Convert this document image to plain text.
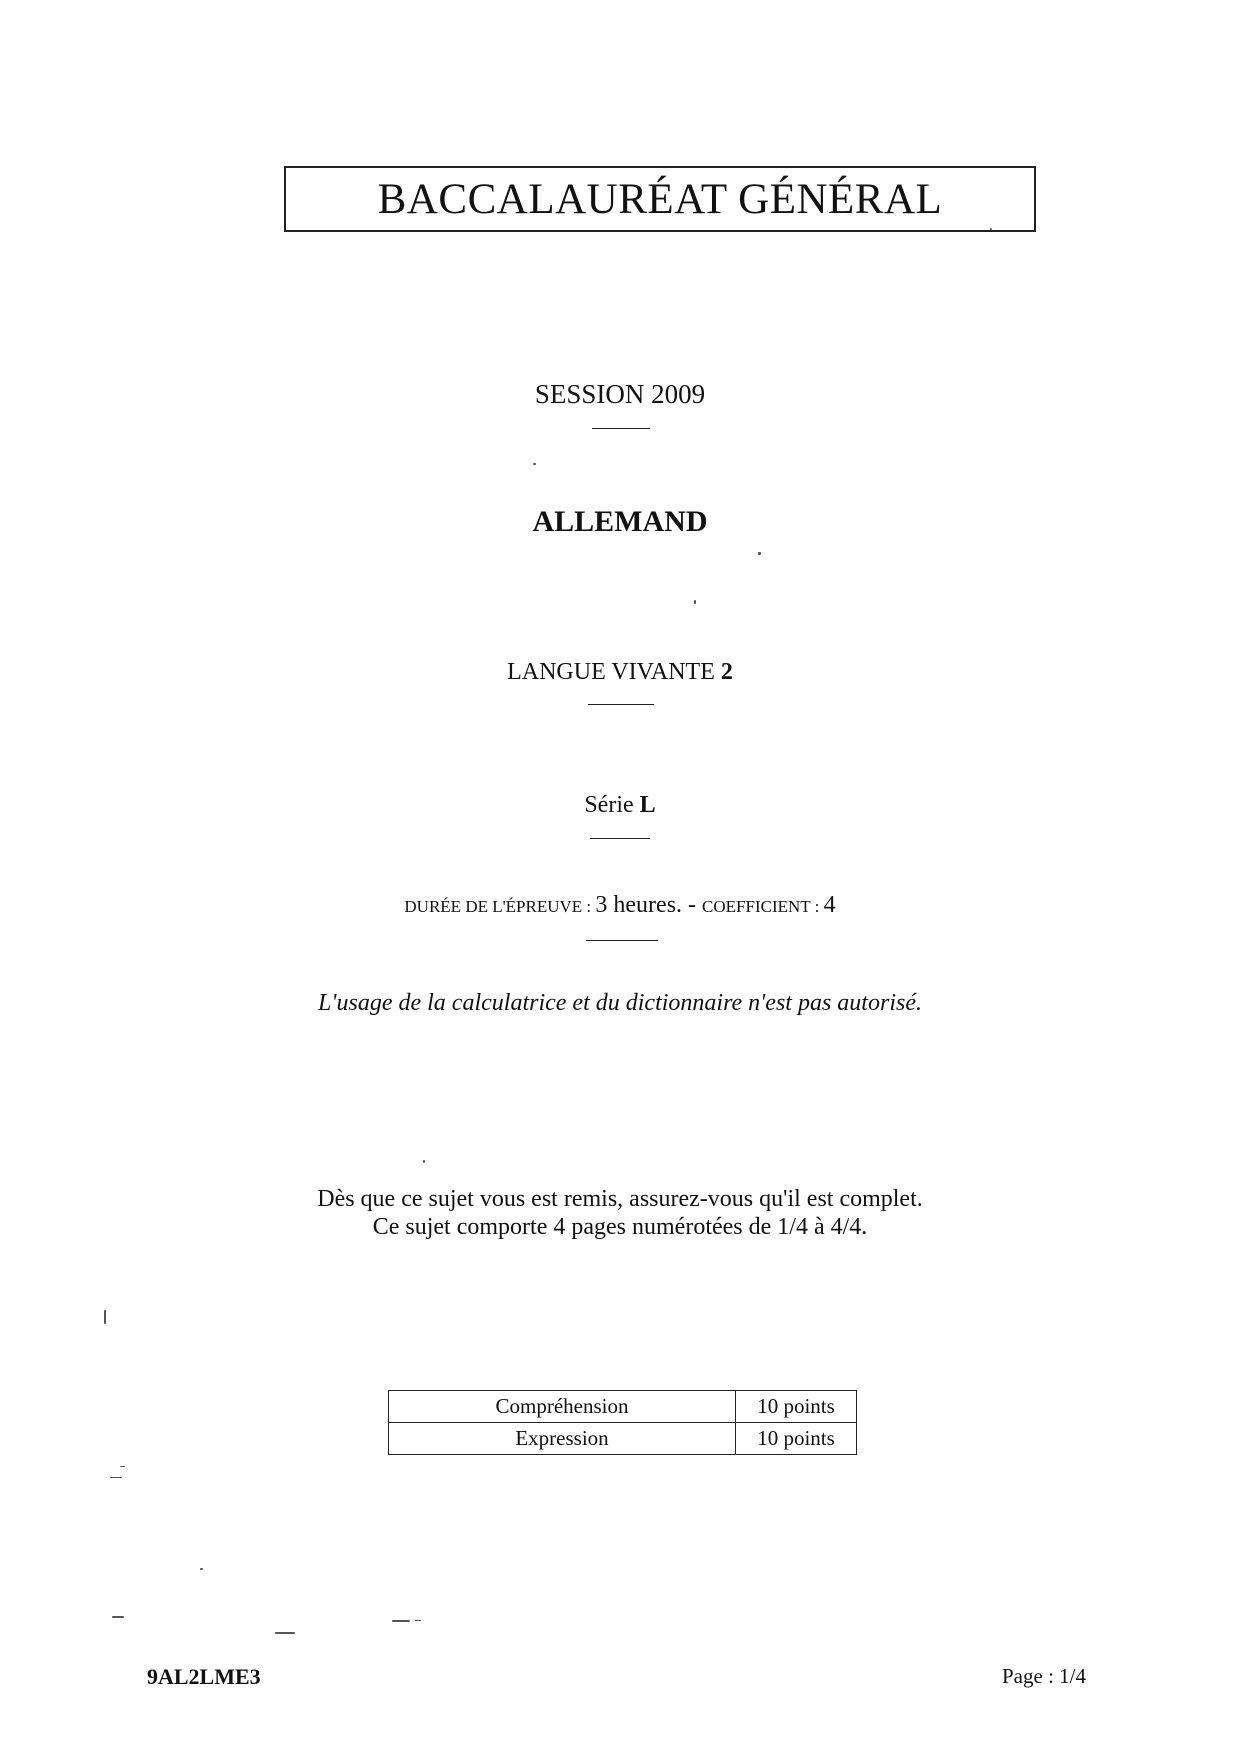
BACCALAURÉAT GÉNÉRAL
SESSION 2009
ALLEMAND
LANGUE VIVANTE 2
Série L
DURÉE DE L'ÉPREUVE : 3 heures. - COEFFICIENT : 4
L'usage de la calculatrice et du dictionnaire n'est pas autorisé.
Dès que ce sujet vous est remis, assurez-vous qu'il est complet.
Ce sujet comporte 4 pages numérotées de 1/4 à 4/4.
Compréhension	10 points
Expression	10 points
9AL2LME3	Page : 1/4
